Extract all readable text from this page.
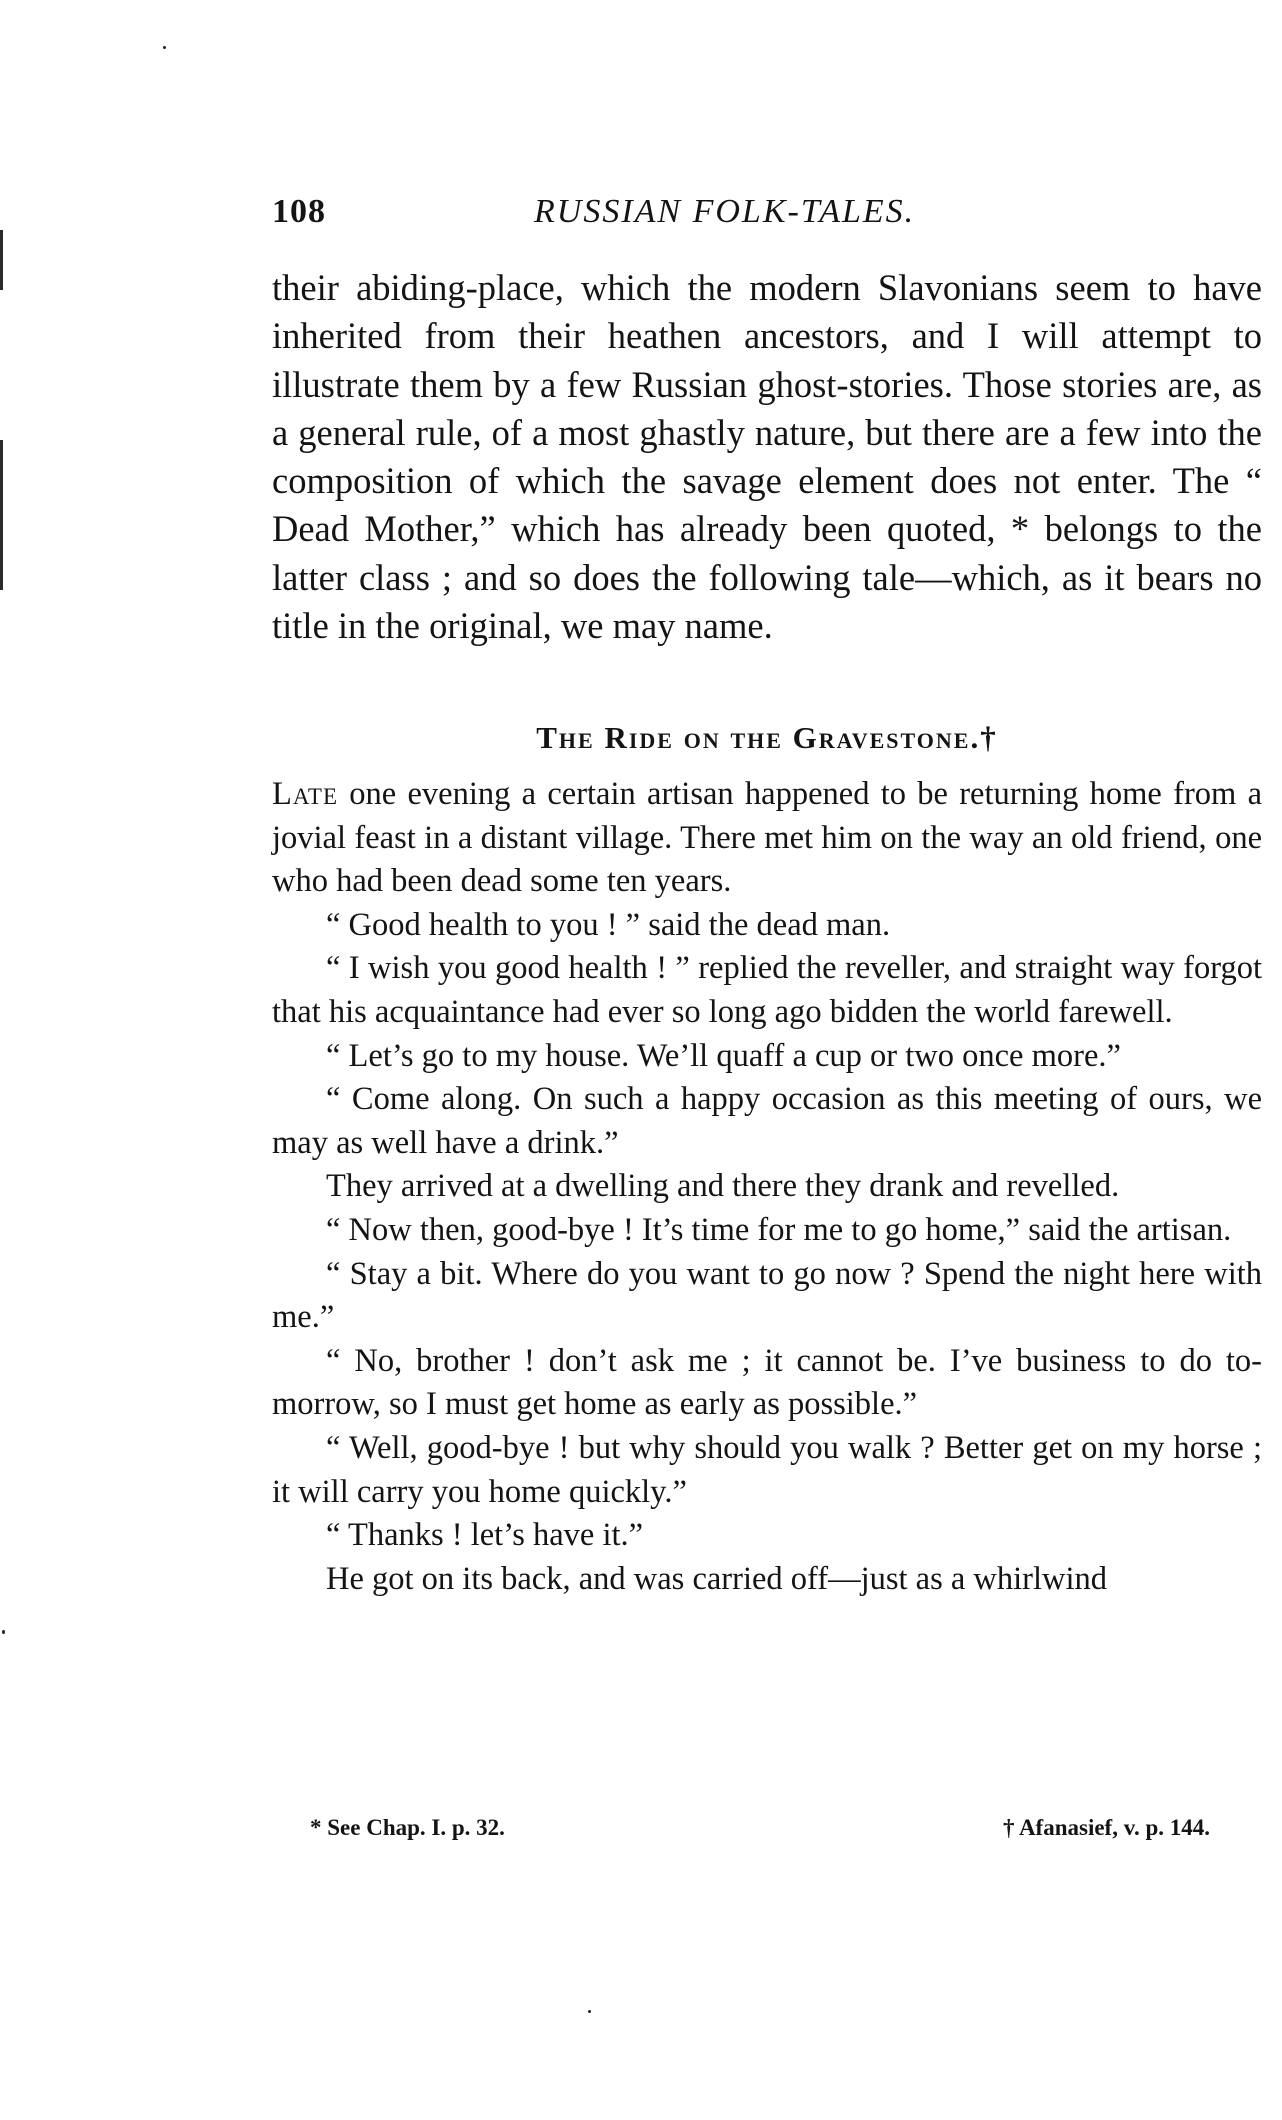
108	RUSSIAN FOLK-TALES.

their abiding-place, which the modern Slavonians seem to have inherited from their heathen ancestors, and I will attempt to illustrate them by a few Russian ghost-stories. Those stories are, as a general rule, of a most ghastly nature, but there are a few into the composition of which the savage element does not enter. The “ Dead Mother,” which has already been quoted, * belongs to the latter class ; and so does the following tale—which, as it bears no title in the original, we may name.

The Ride on the Gravestone.†

Late one evening a certain artisan happened to be returning home from a jovial feast in a distant village. There met him on the way an old friend, one who had been dead some ten years.

“ Good health to you ! ” said the dead man.

“ I wish you good health ! ” replied the reveller, and straight way forgot that his acquaintance had ever so long ago bidden the world farewell.

“ Let’s go to my house. We’ll quaff a cup or two once more.”

“ Come along. On such a happy occasion as this meeting of ours, we may as well have a drink.”

They arrived at a dwelling and there they drank and revelled.

“ Now then, good-bye ! It’s time for me to go home,” said the artisan.

“ Stay a bit. Where do you want to go now ? Spend the night here with me.”

“ No, brother ! don’t ask me ; it cannot be. I’ve business to do to-morrow, so I must get home as early as possible.”

“ Well, good-bye ! but why should you walk ? Better get on my horse ; it will carry you home quickly.”

“ Thanks ! let’s have it.”

He got on its back, and was carried off—just as a whirlwind

* See Chap. I. p. 32.	† Afanasief, v. p. 144.
